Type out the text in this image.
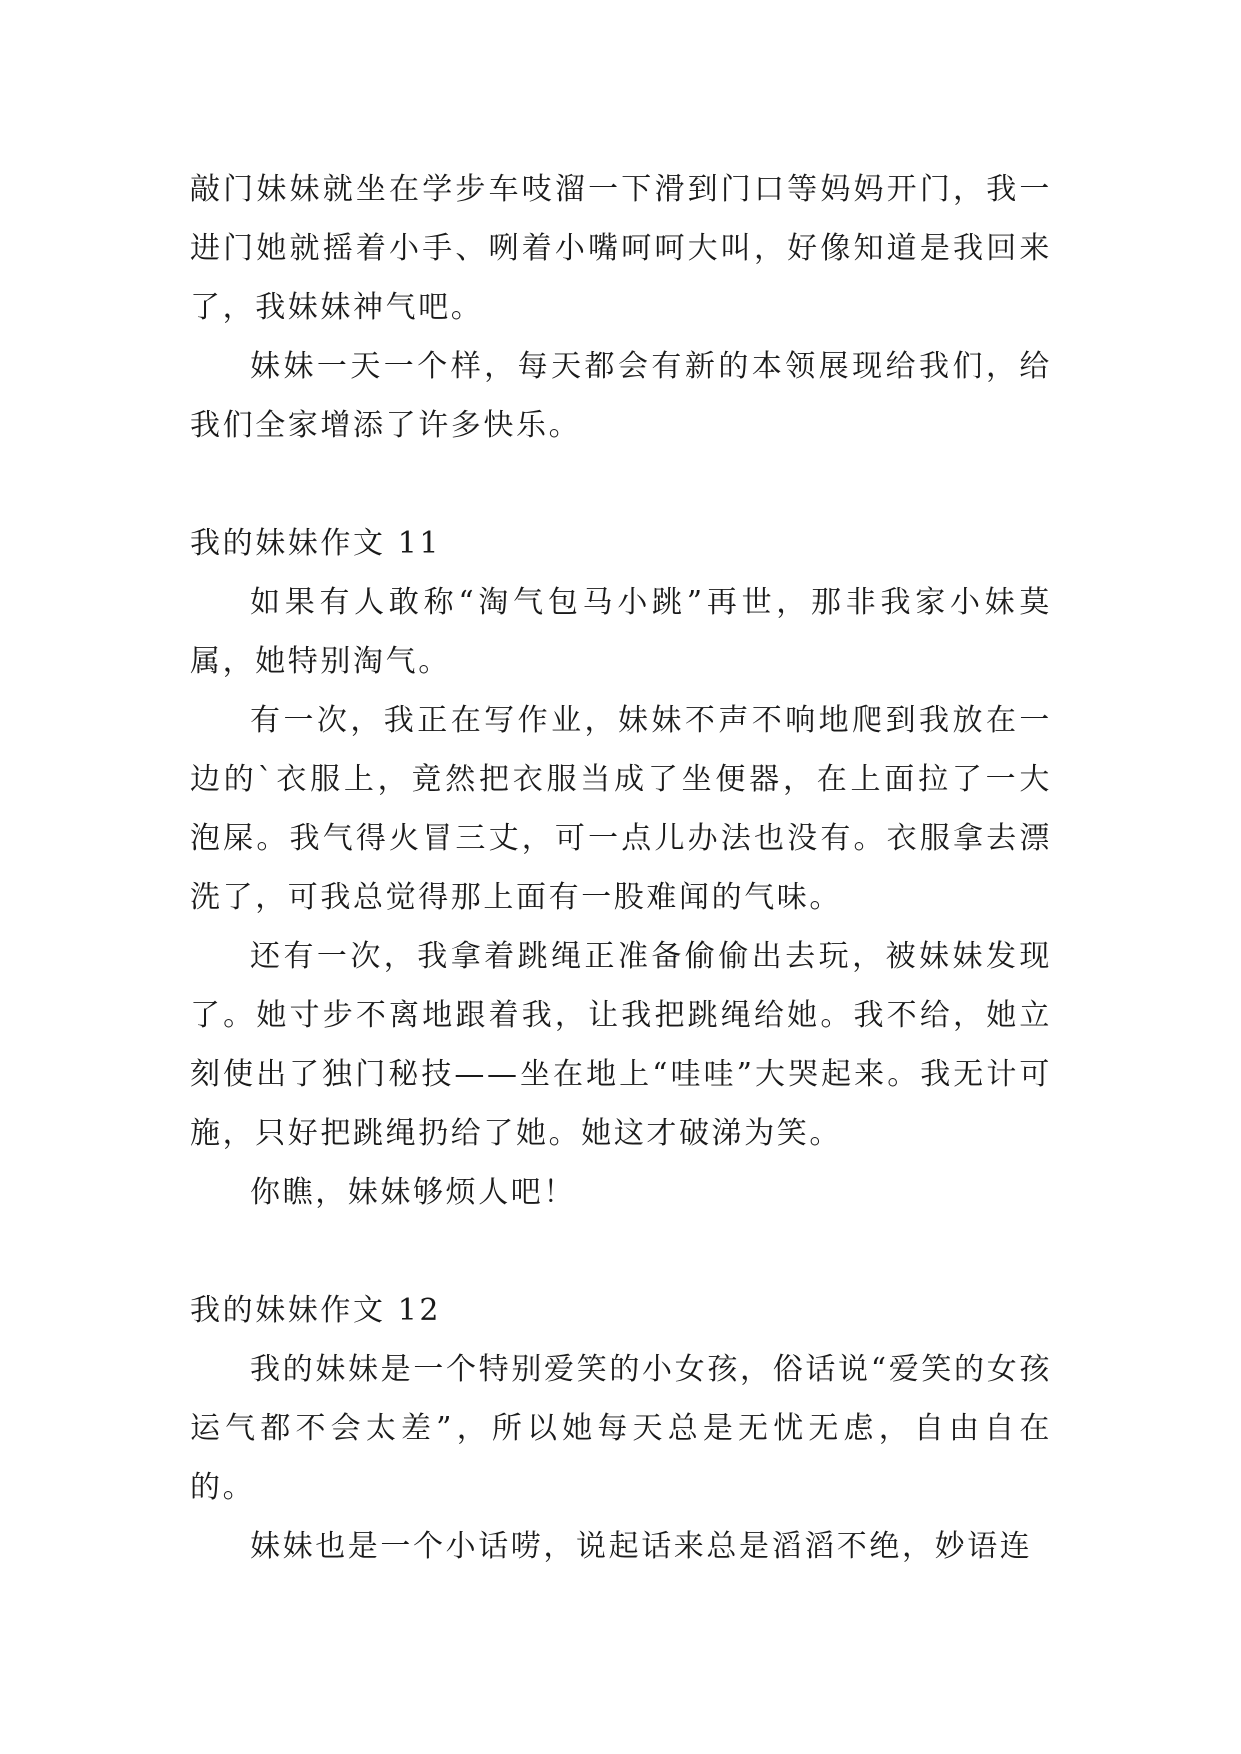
敲门妹妹就坐在学步车吱溜一下滑到门口等妈妈开门，我一进门她就摇着小手、咧着小嘴呵呵大叫，好像知道是我回来了，我妹妹神气吧。

妹妹一天一个样，每天都会有新的本领展现给我们，给我们全家增添了许多快乐。

我的妹妹作文 11

如果有人敢称“淘气包马小跳”再世，那非我家小妹莫属，她特别淘气。

有一次，我正在写作业，妹妹不声不响地爬到我放在一边的`衣服上，竟然把衣服当成了坐便器，在上面拉了一大泡屎。我气得火冒三丈，可一点儿办法也没有。衣服拿去漂洗了，可我总觉得那上面有一股难闻的气味。

还有一次，我拿着跳绳正准备偷偷出去玩，被妹妹发现了。她寸步不离地跟着我，让我把跳绳给她。我不给，她立刻使出了独门秘技——坐在地上“哇哇”大哭起来。我无计可施，只好把跳绳扔给了她。她这才破涕为笑。

你瞧，妹妹够烦人吧！

我的妹妹作文 12

我的妹妹是一个特别爱笑的小女孩，俗话说“爱笑的女孩运气都不会太差”，所以她每天总是无忧无虑，自由自在的。

妹妹也是一个小话唠，说起话来总是滔滔不绝，妙语连
